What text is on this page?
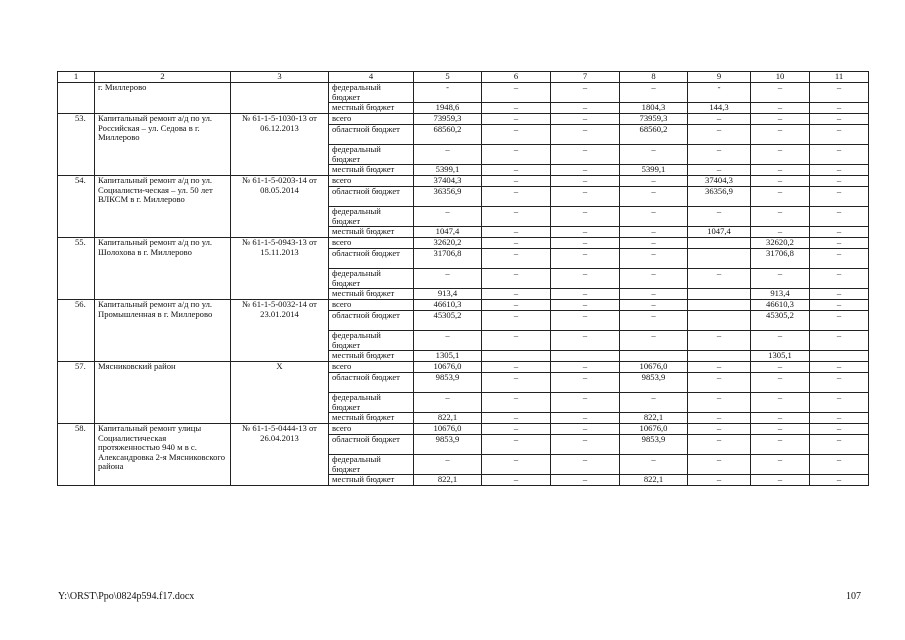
1	2	3	4	5	6	7	8	9	10	11
	г. Миллерово		федеральный бюджет	-	–	–	–	-	–	–
			местный бюджет	1948,6	–	–	1804,3	144,3	–	–
53.	Капитальный ремонт а/д по ул. Российская – ул. Седова в г. Миллерово	№ 61-1-5-1030-13 от 06.12.2013	всего	73959,3	–	–	73959,3	–	–	–
			областной бюджет	68560,2	–	–	68560,2	–	–	–
			федеральный бюджет	–	–	–	–	–	–	–
			местный бюджет	5399,1	–	–	5399,1	–	–	–
54.	Капитальный ремонт а/д по ул. Социалисти-ческая – ул. 50 лет ВЛКСМ в г. Миллерово	№ 61-1-5-0203-14 от 08.05.2014	всего	37404,3	–	–	–	37404,3	–	–
			областной бюджет	36356,9	–	–	–	36356,9	–	–
			федеральный бюджет	–	–	–	–	–	–	–
			местный бюджет	1047,4	–	–	–	1047,4	–	–
55.	Капитальный ремонт а/д по ул. Шолохова в г. Миллерово	№ 61-1-5-0943-13 от 15.11.2013	всего	32620,2	–	–	–		32620,2	–
			областной бюджет	31706,8	–	–	–		31706,8	–
			федеральный бюджет	–	–	–	–	–	–	–
			местный бюджет	913,4	–	–	–		913,4	–
56.	Капитальный ремонт а/д по ул. Промышленная в г. Миллерово	№ 61-1-5-0032-14 от 23.01.2014	всего	46610,3	–	–	–		46610,3	–
			областной бюджет	45305,2	–	–	–		45305,2	–
			федеральный бюджет	–	–	–	–	–	–	–
			местный бюджет	1305,1					1305,1	
57.	Мясниковский район	X	всего	10676,0	–	–	10676,0	–	–	–
			областной бюджет	9853,9	–	–	9853,9	–	–	–
			федеральный бюджет	–	–	–	–	–	–	–
			местный бюджет	822,1	–	–	822,1	–	–	–
58.	Капитальный ремонт улицы Социалистическая протяженностью 940 м в с. Александровка 2-я Мясниковского района	№ 61-1-5-0444-13 от 26.04.2013	всего	10676,0	–	–	10676,0	–	–	–
			областной бюджет	9853,9	–	–	9853,9	–	–	–
			федеральный бюджет	–	–	–	–	–	–	–
			местный бюджет	822,1	–	–	822,1	–	–	–
Y:\ORST\Ppo\0824p594.f17.docx	107
